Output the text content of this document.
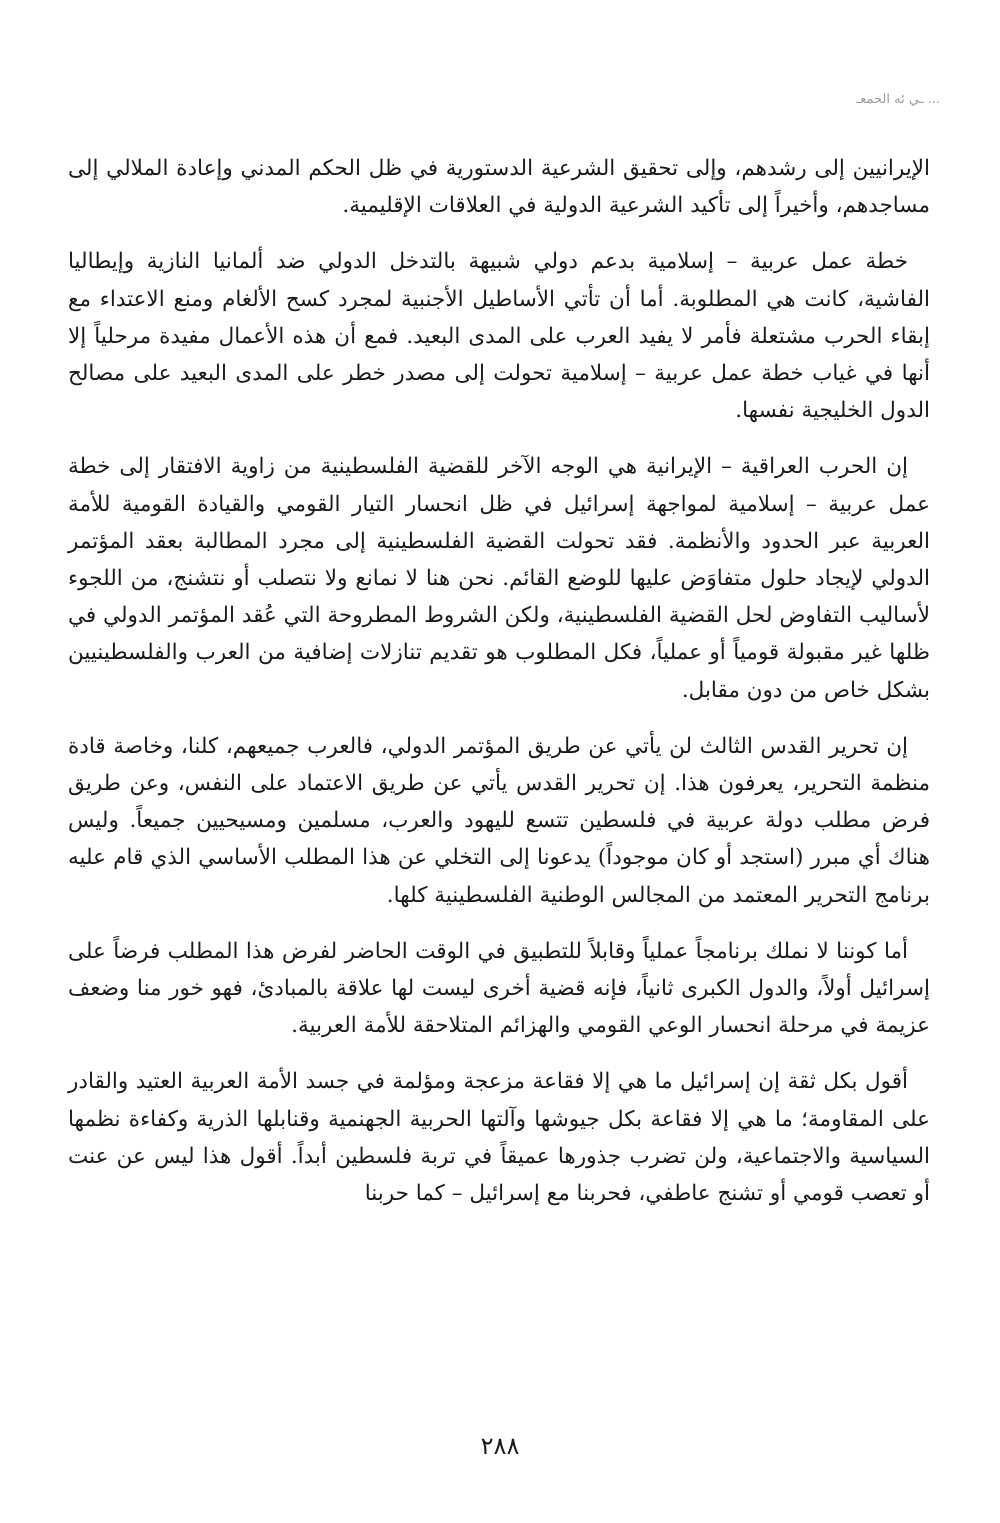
... ـي ئه الحمعـ

الإيرانيين إلى رشدهم، وإلى تحقيق الشرعية الدستورية في ظل الحكم المدني وإعادة الملالي إلى مساجدهم، وأخيراً إلى تأكيد الشرعية الدولية في العلاقات الإقليمية.

خطة عمل عربية – إسلامية بدعم دولي شبيهة بالتدخل الدولي ضد ألمانيا النازية وإيطاليا الفاشية، كانت هي المطلوبة. أما أن تأتي الأساطيل الأجنبية لمجرد كسح الألغام ومنع الاعتداء مع إبقاء الحرب مشتعلة فأمر لا يفيد العرب على المدى البعيد. فمع أن هذه الأعمال مفيدة مرحلياً إلا أنها في غياب خطة عمل عربية – إسلامية تحولت إلى مصدر خطر على المدى البعيد على مصالح الدول الخليجية نفسها.

إن الحرب العراقية – الإيرانية هي الوجه الآخر للقضية الفلسطينية من زاوية الافتقار إلى خطة عمل عربية – إسلامية لمواجهة إسرائيل في ظل انحسار التيار القومي والقيادة القومية للأمة العربية عبر الحدود والأنظمة. فقد تحولت القضية الفلسطينية إلى مجرد المطالبة بعقد المؤتمر الدولي لإيجاد حلول متفاوَض عليها للوضع القائم. نحن هنا لا نمانع ولا نتصلب أو نتشنج، من اللجوء لأساليب التفاوض لحل القضية الفلسطينية، ولكن الشروط المطروحة التي عُقد المؤتمر الدولي في ظلها غير مقبولة قومياً أو عملياً، فكل المطلوب هو تقديم تنازلات إضافية من العرب والفلسطينيين بشكل خاص من دون مقابل.

إن تحرير القدس الثالث لن يأتي عن طريق المؤتمر الدولي، فالعرب جميعهم، كلنا، وخاصة قادة منظمة التحرير، يعرفون هذا. إن تحرير القدس يأتي عن طريق الاعتماد على النفس، وعن طريق فرض مطلب دولة عربية في فلسطين تتسع لليهود والعرب، مسلمين ومسيحيين جميعاً. وليس هناك أي مبرر (استجد أو كان موجوداً) يدعونا إلى التخلي عن هذا المطلب الأساسي الذي قام عليه برنامج التحرير المعتمد من المجالس الوطنية الفلسطينية كلها.

أما كوننا لا نملك برنامجاً عملياً وقابلاً للتطبيق في الوقت الحاضر لفرض هذا المطلب فرضاً على إسرائيل أولاً، والدول الكبرى ثانياً، فإنه قضية أخرى ليست لها علاقة بالمبادئ، فهو خور منا وضعف عزيمة في مرحلة انحسار الوعي القومي والهزائم المتلاحقة للأمة العربية.

أقول بكل ثقة إن إسرائيل ما هي إلا فقاعة مزعجة ومؤلمة في جسد الأمة العربية العتيد والقادر على المقاومة؛ ما هي إلا فقاعة بكل جيوشها وآلتها الحربية الجهنمية وقنابلها الذرية وكفاءة نظمها السياسية والاجتماعية، ولن تضرب جذورها عميقاً في تربة فلسطين أبداً. أقول هذا ليس عن عنت أو تعصب قومي أو تشنج عاطفي، فحربنا مع إسرائيل – كما حربنا

٢٨٨
